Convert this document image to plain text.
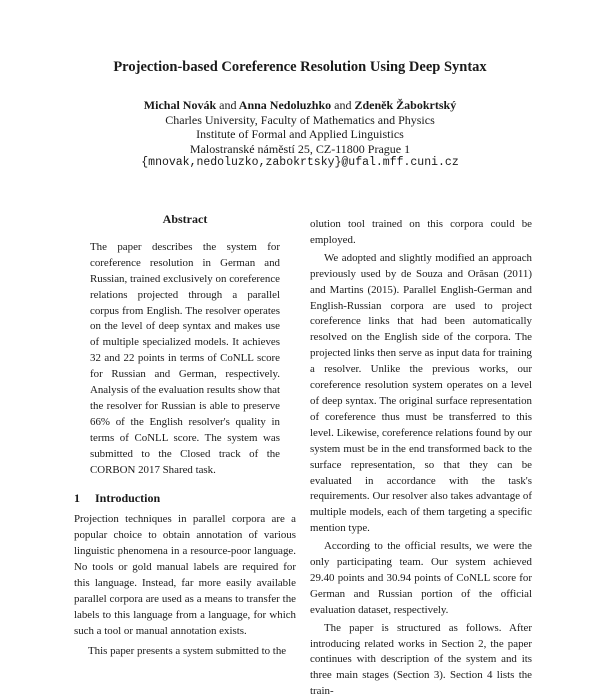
Projection-based Coreference Resolution Using Deep Syntax
Michal Novák and Anna Nedoluzhko and Zdeněk Žabokrtský
Charles University, Faculty of Mathematics and Physics
Institute of Formal and Applied Linguistics
Malostranské náměstí 25, CZ-11800 Prague 1
{mnovak,nedoluzko,zabokrtsky}@ufal.mff.cuni.cz
Abstract

The paper describes the system for coreference resolution in German and Russian, trained exclusively on coreference relations projected through a parallel corpus from English. The resolver operates on the level of deep syntax and makes use of multiple specialized models. It achieves 32 and 22 points in terms of CoNLL score for Russian and German, respectively. Analysis of the evaluation results show that the resolver for Russian is able to preserve 66% of the English resolver's quality in terms of CoNLL score. The system was submitted to the Closed track of the CORBON 2017 Shared task.

1 Introduction

Projection techniques in parallel corpora are a popular choice to obtain annotation of various linguistic phenomena in a resource-poor language. No tools or gold manual labels are required for this language. Instead, far more easily available parallel corpora are used as a means to transfer the labels to this language from a language, for which such a tool or manual annotation exists.

This paper presents a system submitted to the

olution tool trained on this corpora could be employed.

We adopted and slightly modified an approach previously used by de Souza and Orăsan (2011) and Martins (2015). Parallel English-German and English-Russian corpora are used to project coreference links that had been automatically resolved on the English side of the corpora. The projected links then serve as input data for training a resolver. Unlike the previous works, our coreference resolution system operates on a level of deep syntax. The original surface representation of coreference thus must be transferred to this level. Likewise, coreference relations found by our system must be in the end transformed back to the surface representation, so that they can be evaluated in accordance with the task's requirements. Our resolver also takes advantage of multiple models, each of them targeting a specific mention type.

According to the official results, we were the only participating team. Our system achieved 29.40 points and 30.94 points of CoNLL score for German and Russian portion of the official evaluation dataset, respectively.

The paper is structured as follows. After introducing related works in Section 2, the paper continues with description of the system and its three main stages (Section 3). Section 4 lists the train-
